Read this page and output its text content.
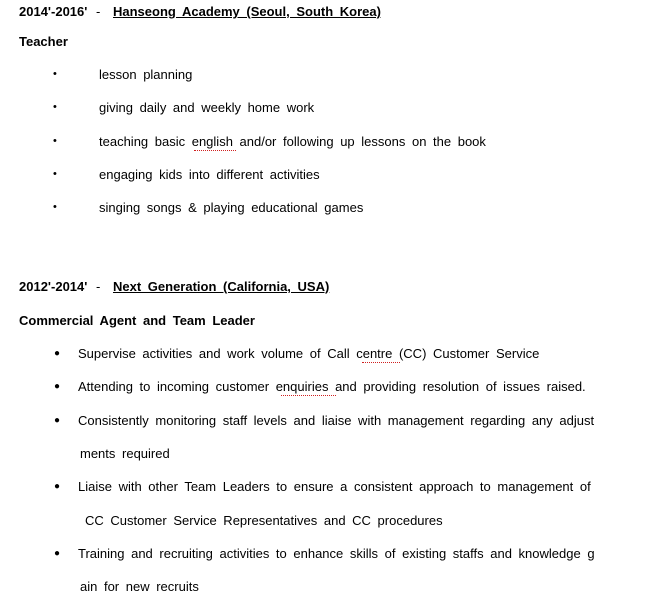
2014'-2016' - Hanseong Academy (Seoul, South Korea)
Teacher
•	lesson planning
•	giving daily and weekly home work
•	teaching basic english and/or following up lessons on the book
•	engaging kids into different activities
•	singing songs & playing educational games
2012'-2014' - Next Generation (California, USA)
Commercial Agent and Team Leader
● Supervise activities and work volume of Call centre (CC) Customer Service
● Attending to incoming customer enquiries and providing resolution of issues raised.
● Consistently monitoring staff levels and liaise with management regarding any adjust
ments required
● Liaise with other Team Leaders to ensure a consistent approach to management of
CC Customer Service Representatives and CC procedures
● Training and recruiting activities to enhance skills of existing staffs and knowledge g
ain for new recruits
